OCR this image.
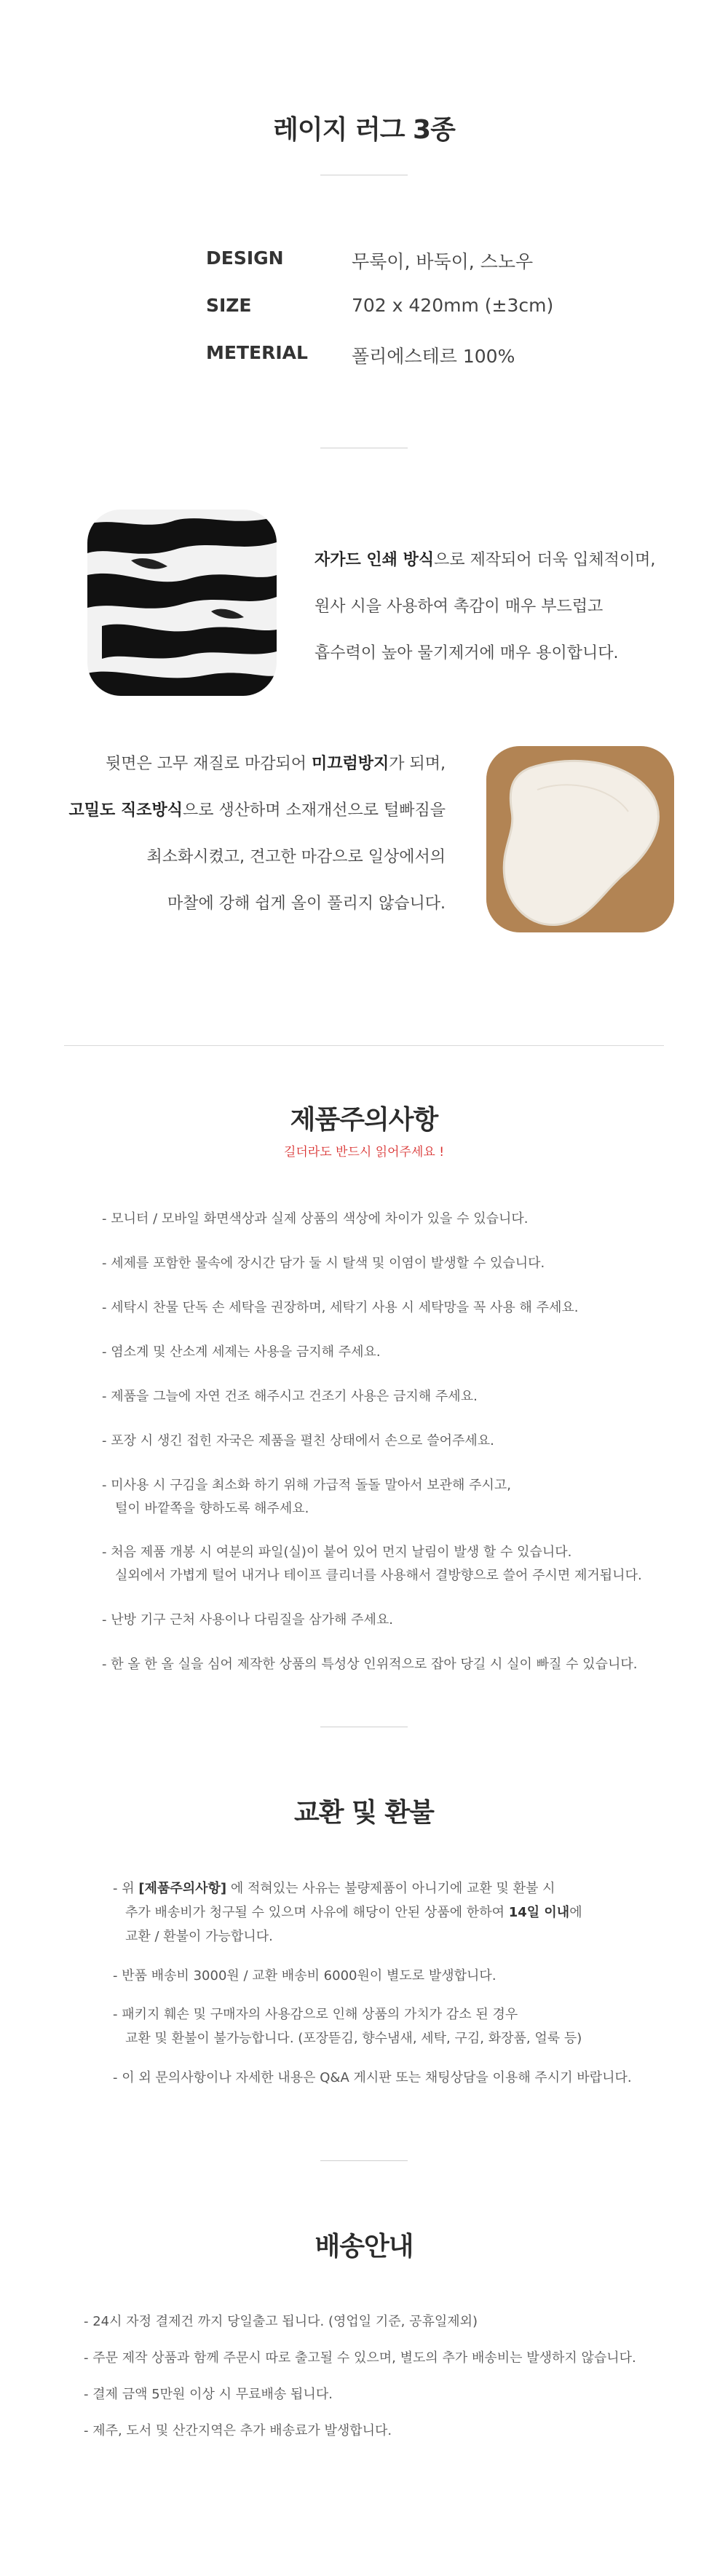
레이지 러그 3종
DESIGN	무룩이, 바둑이, 스노우
SIZE	702 x 420mm (±3cm)
METERIAL 폴리에스테르 100%
자가드 인쇄 방식으로 제작되어 더욱 입체적이며,
원사 시을 사용하여 촉감이 매우 부드럽고
흡수력이 높아 물기제거에 매우 용이합니다.
뒷면은 고무 재질로 마감되어 미끄럼방지가 되며,
고밀도 직조방식으로 생산하며 소재개선으로 털빠짐을
최소화시켰고, 견고한 마감으로 일상에서의
마찰에 강해 쉽게 올이 풀리지 않습니다.
제품주의사항
길더라도 반드시 읽어주세요 !
- 모니터 / 모바일 화면색상과 실제 상품의 색상에 차이가 있을 수 있습니다.
- 세제를 포함한 물속에 장시간 담가 둘 시 탈색 및 이염이 발생할 수 있습니다.
- 세탁시 찬물 단독 손 세탁을 권장하며, 세탁기 사용 시 세탁망을 꼭 사용 해 주세요.
- 염소계 및 산소계 세제는 사용을 금지해 주세요.
- 제품을 그늘에 자연 건조 해주시고 건조기 사용은 금지해 주세요.
- 포장 시 생긴 접힌 자국은 제품을 펼친 상태에서 손으로 쓸어주세요.
- 미사용 시 구김을 최소화 하기 위해 가급적 돌돌 말아서 보관해 주시고,
털이 바깥쪽을 향하도록 해주세요.
- 처음 제품 개봉 시 여분의 파일(실)이 붙어 있어 먼지 날림이 발생 할 수 있습니다.
실외에서 가볍게 털어 내거나 테이프 클리너를 사용해서 결방향으로 쓸어 주시면 제거됩니다.
- 난방 기구 근처 사용이나 다림질을 삼가해 주세요.
- 한 올 한 올 실을 심어 제작한 상품의 특성상 인위적으로 잡아 당길 시 실이 빠질 수 있습니다.
교환 및 환불
- 위 [제품주의사항] 에 적혀있는 사유는 불량제품이 아니기에 교환 및 환불 시
추가 배송비가 청구될 수 있으며 사유에 해당이 안된 상품에 한하여 14일 이내에
교환 / 환불이 가능합니다.
- 반품 배송비 3000원 / 교환 배송비 6000원이 별도로 발생합니다.
- 패키지 훼손 및 구매자의 사용감으로 인해 상품의 가치가 감소 된 경우
교환 및 환불이 불가능합니다. (포장뜯김, 향수냄새, 세탁, 구김, 화장품, 얼룩 등)
- 이 외 문의사항이나 자세한 내용은 Q&A 게시판 또는 채팅상담을 이용해 주시기 바랍니다.
배송안내
- 24시 자정 결제건 까지 당일출고 됩니다. (영업일 기준, 공휴일제외)
- 주문 제작 상품과 함께 주문시 따로 출고될 수 있으며, 별도의 추가 배송비는 발생하지 않습니다.
- 결제 금액 5만원 이상 시 무료배송 됩니다.
- 제주, 도서 및 산간지역은 추가 배송료가 발생합니다.
